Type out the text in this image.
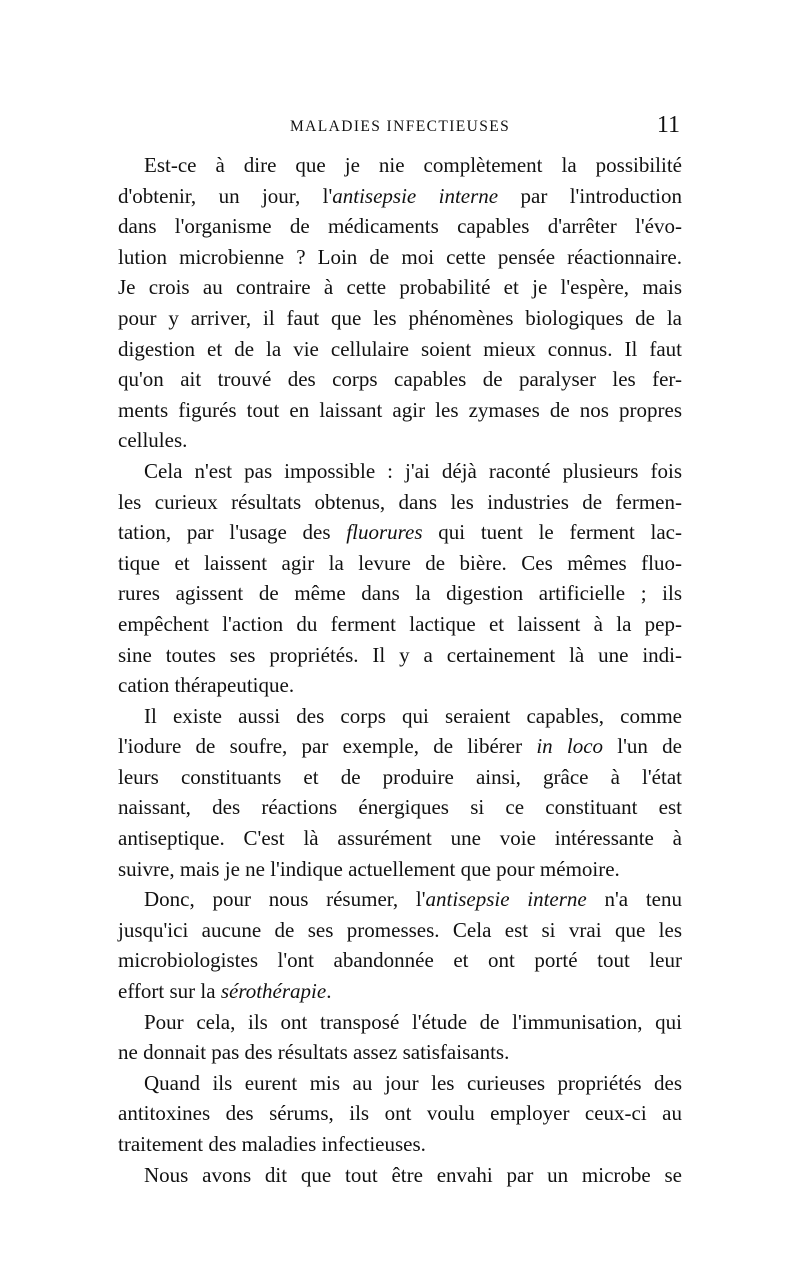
MALADIES INFECTIEUSES	11

Est-ce à dire que je nie complètement la possibilité
d'obtenir, un jour, l'antisepsie interne par l'introduction
dans l'organisme de médicaments capables d'arrêter l'évo-
lution microbienne ? Loin de moi cette pensée réactionnaire.
Je crois au contraire à cette probabilité et je l'espère, mais
pour y arriver, il faut que les phénomènes biologiques de la
digestion et de la vie cellulaire soient mieux connus. Il faut
qu'on ait trouvé des corps capables de paralyser les fer-
ments figurés tout en laissant agir les zymases de nos propres
cellules.

Cela n'est pas impossible : j'ai déjà raconté plusieurs fois
les curieux résultats obtenus, dans les industries de fermen-
tation, par l'usage des fluorures qui tuent le ferment lac-
tique et laissent agir la levure de bière. Ces mêmes fluo-
rures agissent de même dans la digestion artificielle ; ils
empêchent l'action du ferment lactique et laissent à la pep-
sine toutes ses propriétés. Il y a certainement là une indi-
cation thérapeutique.

Il existe aussi des corps qui seraient capables, comme
l'iodure de soufre, par exemple, de libérer in loco l'un de
leurs constituants et de produire ainsi, grâce à l'état
naissant, des réactions énergiques si ce constituant est
antiseptique. C'est là assurément une voie intéressante à
suivre, mais je ne l'indique actuellement que pour mémoire.

Donc, pour nous résumer, l'antisepsie interne n'a tenu
jusqu'ici aucune de ses promesses. Cela est si vrai que les
microbiologistes l'ont abandonnée et ont porté tout leur
effort sur la sérothérapie.

Pour cela, ils ont transposé l'étude de l'immunisation, qui
ne donnait pas des résultats assez satisfaisants.

Quand ils eurent mis au jour les curieuses propriétés des
antitoxines des sérums, ils ont voulu employer ceux-ci au
traitement des maladies infectieuses.

Nous avons dit que tout être envahi par un microbe se
